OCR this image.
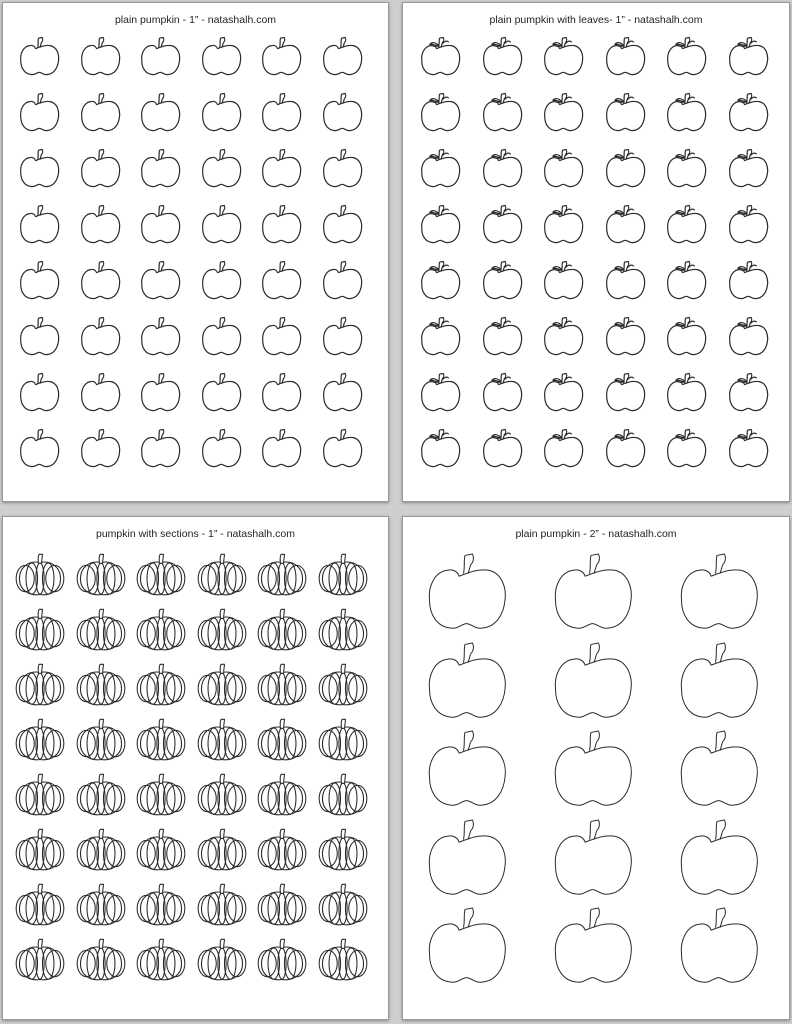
plain pumpkin - 1” - natashalh.com	plain pumpkin with leaves- 1” - natashalh.com
pumpkin with sections - 1” - natashalh.com	plain pumpkin - 2” - natashalh.com
